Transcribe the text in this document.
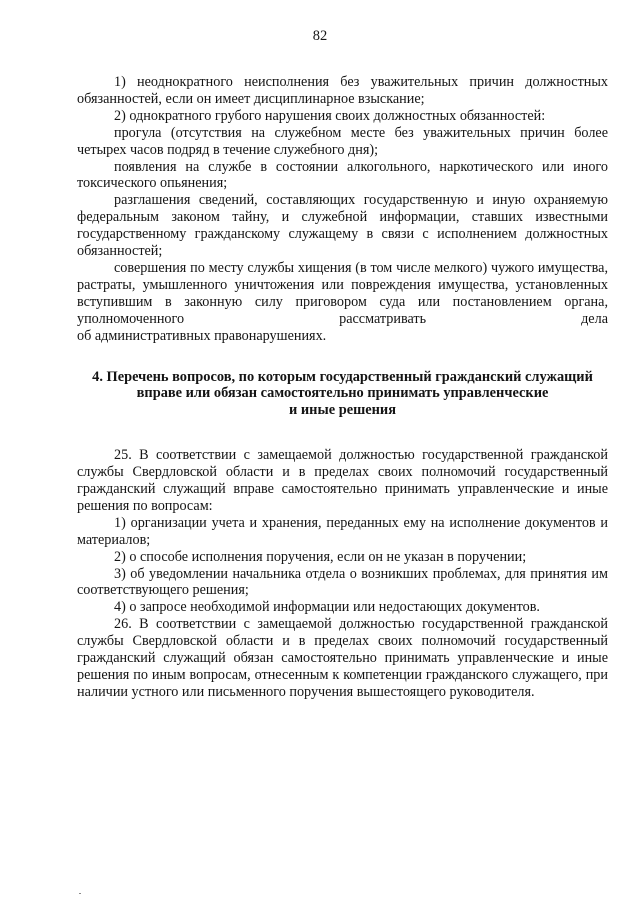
82

1) неоднократного неисполнения без уважительных причин должностных обязанностей, если он имеет дисциплинарное взыскание;

2) однократного грубого нарушения своих должностных обязанностей:

прогула (отсутствия на служебном месте без уважительных причин более четырех часов подряд в течение служебного дня);

появления на службе в состоянии алкогольного, наркотического или иного токсического опьянения;

разглашения сведений, составляющих государственную и иную охраняемую федеральным законом тайну, и служебной информации, ставших известными государственному гражданскому служащему в связи с исполнением должностных обязанностей;

совершения по месту службы хищения (в том числе мелкого) чужого имущества, растраты, умышленного уничтожения или повреждения имущества, установленных вступившим в законную силу приговором суда или постановлением органа, уполномоченного рассматривать дела

об административных правонарушениях.

4. Перечень вопросов, по которым государственный гражданский служащий
вправе или обязан самостоятельно принимать управленческие
и иные решения

25. В соответствии с замещаемой должностью государственной гражданской службы Свердловской области и в пределах своих полномочий государственный гражданский служащий вправе самостоятельно принимать управленческие и иные решения по вопросам:

1) организации учета и хранения, переданных ему на исполнение документов и материалов;

2) о способе исполнения поручения, если он не указан в поручении;

3) об уведомлении начальника отдела о возникших проблемах, для принятия им соответствующего решения;

4) о запросе необходимой информации или недостающих документов.

26. В соответствии с замещаемой должностью государственной гражданской службы Свердловской области и в пределах своих полномочий государственный гражданский служащий обязан самостоятельно принимать управленческие и иные решения по иным вопросам, отнесенным к компетенции гражданского служащего, при наличии устного или письменного поручения вышестоящего руководителя.
